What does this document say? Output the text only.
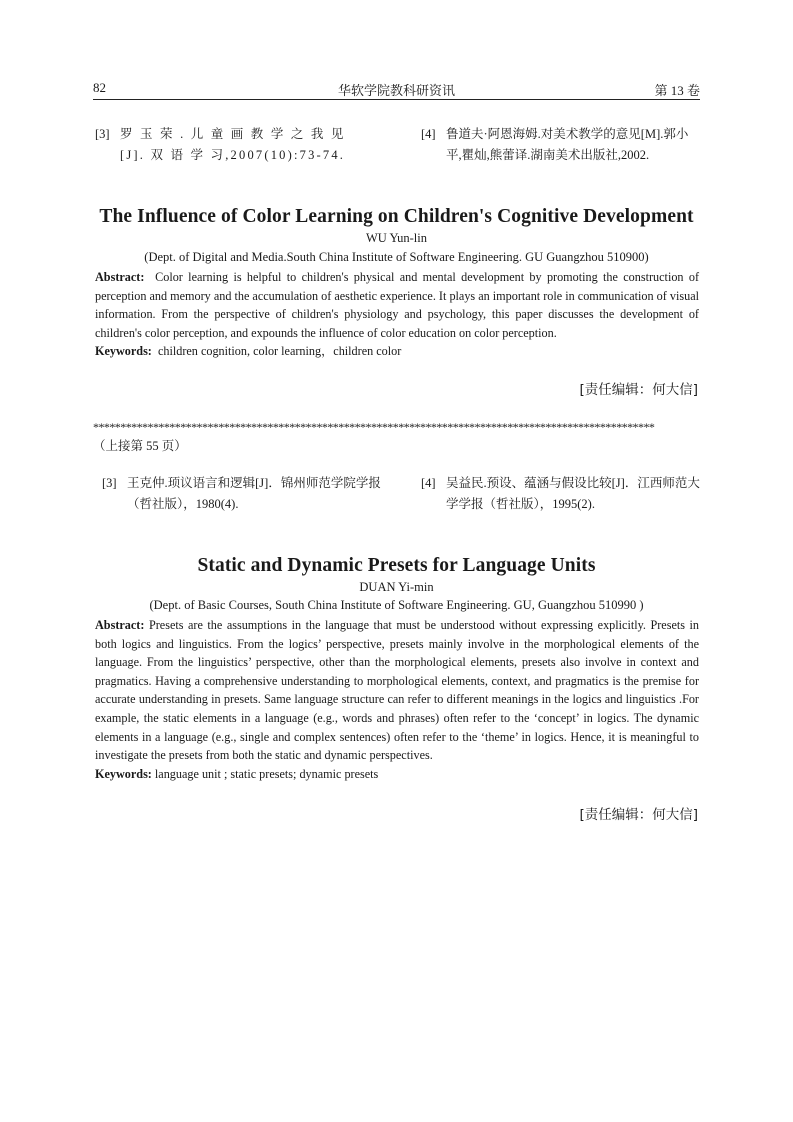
82	华软学院教科研资讯	第 13 卷
[3] 罗 玉 荣 . 儿 童 画 教 学 之 我 见 [J]. 双 语 学 习,2007(10):73-74.
[4] 鲁道夫·阿恩海姆.对美术教学的意见[M].郭小平,瞿灿,熊蕾译.湖南美术出版社,2002.
The Influence of Color Learning on Children's Cognitive Development
WU Yun-lin
(Dept. of Digital and Media.South China Institute of Software Engineering. GU Guangzhou 510900)
Abstract: Color learning is helpful to children's physical and mental development by promoting the construction of perception and memory and the accumulation of aesthetic experience. It plays an important role in communication of visual information. From the perspective of children's physiology and psychology, this paper discusses the development of children's color perception, and expounds the influence of color education on color perception.
Keywords: children cognition, color learning，children color
[责任编辑：何大信]
*******************************************************************************************************
（上接第 55 页）
[3] 王克仲.顼议语言和逻辑[J]．锦州师范学院学报（哲社版），1980(4).
[4] 吴益民.预设、蕴涵与假设比较[J]．江西师范大学学报（哲社版），1995(2).
Static and Dynamic Presets for Language Units
DUAN Yi-min
(Dept. of Basic Courses, South China Institute of Software Engineering. GU, Guangzhou 510990 )
Abstract: Presets are the assumptions in the language that must be understood without expressing explicitly. Presets in both logics and linguistics. From the logics’ perspective, presets mainly involve in the morphological elements of the language. From the linguistics’ perspective, other than the morphological elements, presets also involve in context and pragmatics. Having a comprehensive understanding to morphological elements, context, and pragmatics is the premise for accurate understanding in presets. Same language structure can refer to different meanings in the logics and linguistics .For example, the static elements in a language (e.g., words and phrases) often refer to the ‘concept’ in logics. The dynamic elements in a language (e.g., single and complex sentences) often refer to the ‘theme’ in logics. Hence, it is meaningful to investigate the presets from both the static and dynamic perspectives.
Keywords: language unit ; static presets; dynamic presets
[责任编辑：何大信]
